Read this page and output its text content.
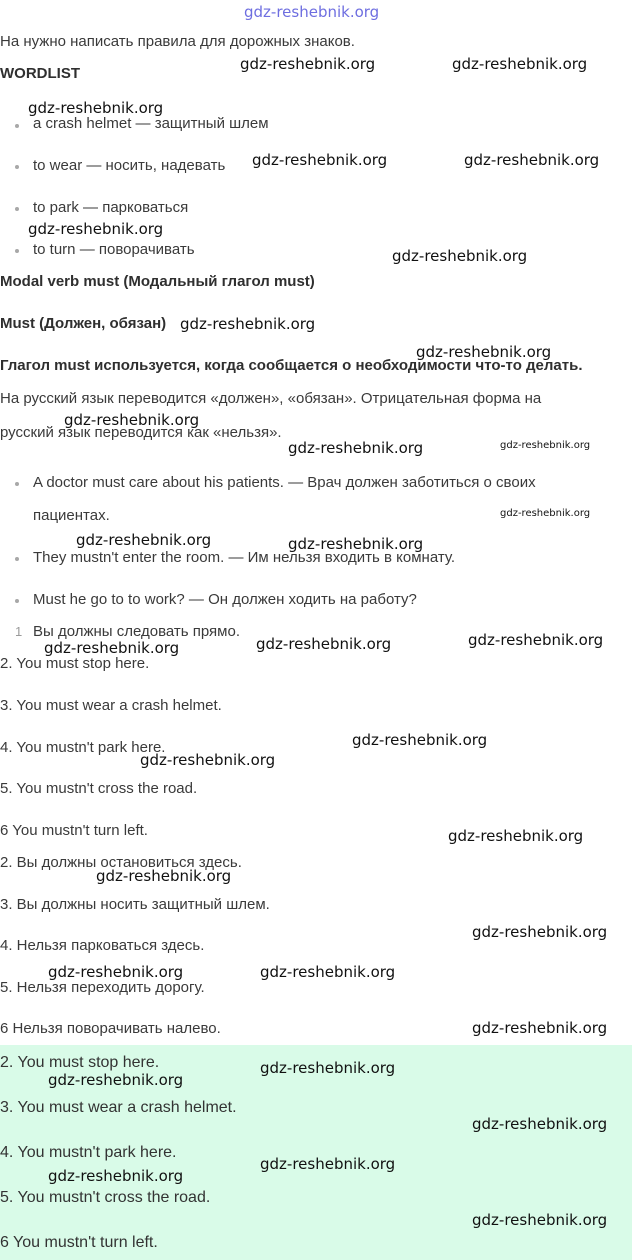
gdz-reshebnik.org
На нужно написать правила для дорожных знаков.
WORDLIST
a crash helmet — защитный шлем
to wear — носить, надевать
to park — парковаться
to turn — поворачивать
Modal verb must (Модальный глагол must)
Must (Должен, обязан)
Глагол must используется, когда сообщается о необходимости что-то делать.
На русский язык переводится «должен», «обязан». Отрицательная форма на
русский язык переводится как «нельзя».
A doctor must care about his patients. — Врач должен заботиться о своих
пациентах.
They mustn't enter the room. — Им нельзя входить в комнату.
Must he go to to work? — Он должен ходить на работу?
1 Вы должны следовать прямо.
2. You must stop here.
3. You must wear a crash helmet.
4. You mustn't park here.
5. You mustn't cross the road.
6 You mustn't turn left.
2. Вы должны остановиться здесь.
3. Вы должны носить защитный шлем.
4. Нельзя парковаться здесь.
5. Нельзя переходить дорогу.
6 Нельзя поворачивать налево.
2. You must stop here.
3. You must wear a crash helmet.
4. You mustn't park here.
5. You mustn't cross the road.
6 You mustn't turn left.
gdz-reshebnik.org	gdz-reshebnik.org
gdz-reshebnik.org
gdz-reshebnik.org	gdz-reshebnik.org
gdz-reshebnik.org
gdz-reshebnik.org
gdz-reshebnik.org
gdz-reshebnik.org
gdz-reshebnik.org
gdz-reshebnik.org	gdz-reshebnik.org
gdz-reshebnik.org
gdz-reshebnik.org	gdz-reshebnik.org
gdz-reshebnik.org	gdz-reshebnik.org	gdz-reshebnik.org
gdz-reshebnik.org
gdz-reshebnik.org
gdz-reshebnik.org
gdz-reshebnik.org
gdz-reshebnik.org
gdz-reshebnik.org	gdz-reshebnik.org
gdz-reshebnik.org
gdz-reshebnik.org
gdz-reshebnik.org
gdz-reshebnik.org
gdz-reshebnik.org
gdz-reshebnik.org
gdz-reshebnik.org
